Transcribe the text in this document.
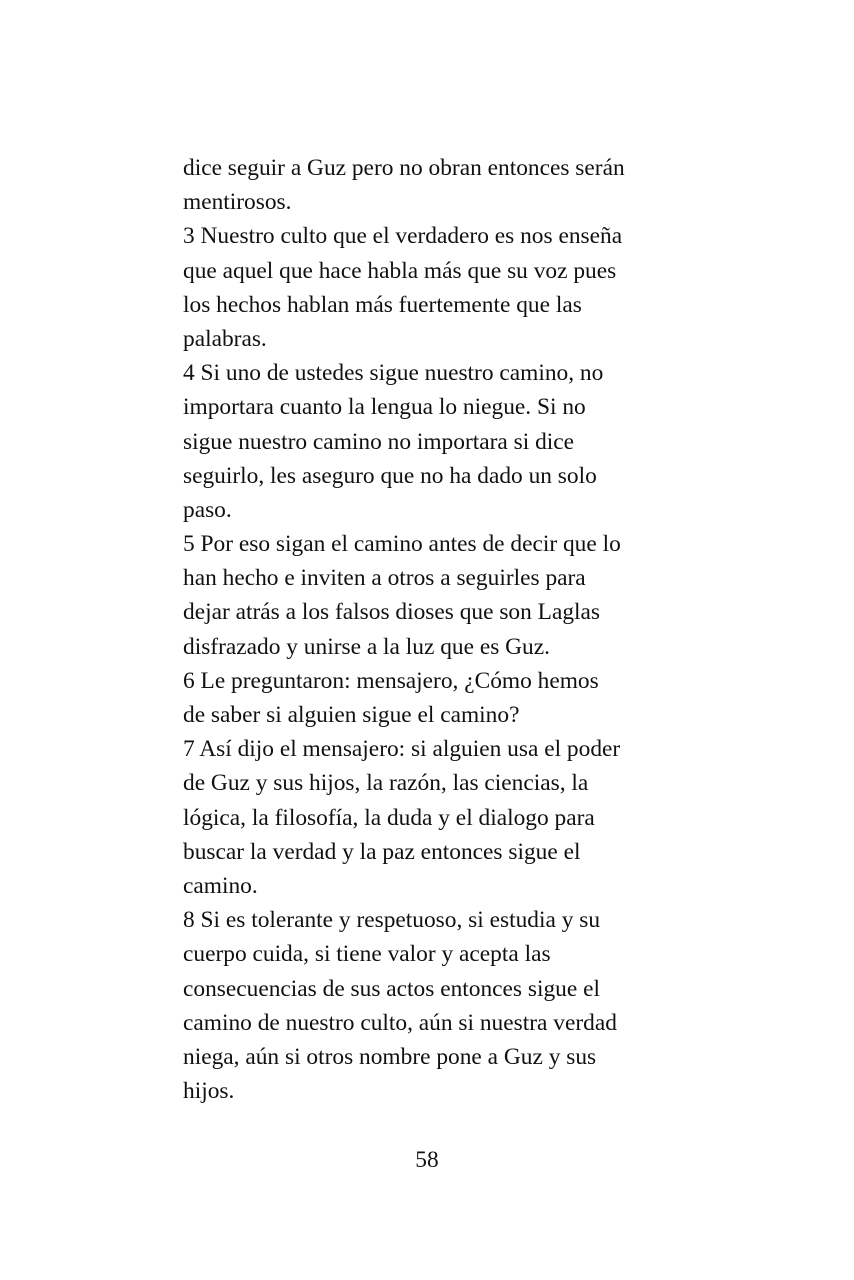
dice seguir a Guz pero no obran entonces serán
mentirosos.
3 Nuestro culto que el verdadero es nos enseña
que aquel que hace habla más que su voz pues
los hechos hablan más fuertemente que las
palabras.
4 Si uno de ustedes sigue nuestro camino, no
importara cuanto la lengua lo niegue. Si no
sigue nuestro camino no importara si dice
seguirlo, les aseguro que no ha dado un solo
paso.
5 Por eso sigan el camino antes de decir que lo
han hecho e inviten a otros a seguirles para
dejar atrás a los falsos dioses que son Laglas
disfrazado y unirse a la luz que es Guz.
6 Le preguntaron: mensajero, ¿Cómo hemos
de saber si alguien sigue el camino?
7 Así dijo el mensajero: si alguien usa el poder
de Guz y sus hijos, la razón, las ciencias, la
lógica, la filosofía, la duda y el dialogo para
buscar la verdad y la paz entonces sigue el
camino.
8 Si es tolerante y respetuoso, si estudia y su
cuerpo cuida, si tiene valor y acepta las
consecuencias de sus actos entonces sigue el
camino de nuestro culto, aún si nuestra verdad
niega, aún si otros nombre pone a Guz y sus
hijos.
58
